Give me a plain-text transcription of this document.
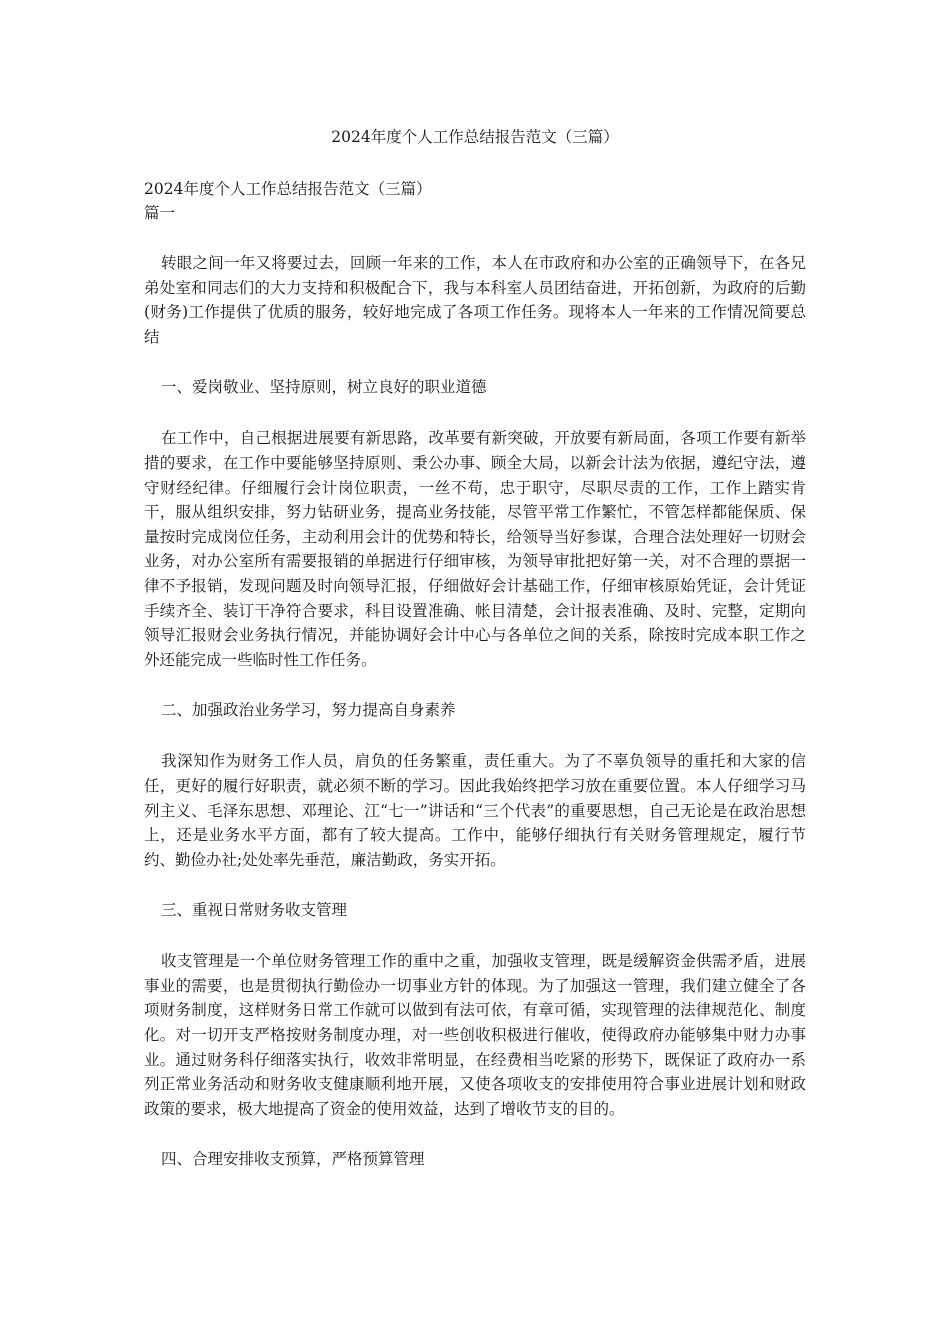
2024年度个人工作总结报告范文（三篇）

2024年度个人工作总结报告范文（三篇）

篇一

转眼之间一年又将要过去，回顾一年来的工作，本人在市政府和办公室的正确领导下，在各兄弟处室和同志们的大力支持和积极配合下，我与本科室人员团结奋进，开拓创新，为政府的后勤(财务)工作提供了优质的服务，较好地完成了各项工作任务。现将本人一年来的工作情况简要总结

一、爱岗敬业、坚持原则，树立良好的职业道德

在工作中，自己根据进展要有新思路，改革要有新突破，开放要有新局面，各项工作要有新举措的要求，在工作中要能够坚持原则、秉公办事、顾全大局，以新会计法为依据，遵纪守法，遵守财经纪律。仔细履行会计岗位职责，一丝不苟，忠于职守，尽职尽责的工作，工作上踏实肯干，服从组织安排，努力钻研业务，提高业务技能，尽管平常工作繁忙，不管怎样都能保质、保量按时完成岗位任务，主动利用会计的优势和特长，给领导当好参谋，合理合法处理好一切财会业务，对办公室所有需要报销的单据进行仔细审核，为领导审批把好第一关，对不合理的票据一律不予报销，发现问题及时向领导汇报，仔细做好会计基础工作，仔细审核原始凭证，会计凭证手续齐全、装订干净符合要求，科目设置准确、帐目清楚，会计报表准确、及时、完整，定期向领导汇报财会业务执行情况，并能协调好会计中心与各单位之间的关系，除按时完成本职工作之外还能完成一些临时性工作任务。

二、加强政治业务学习，努力提高自身素养

我深知作为财务工作人员，肩负的任务繁重，责任重大。为了不辜负领导的重托和大家的信任，更好的履行好职责，就必须不断的学习。因此我始终把学习放在重要位置。本人仔细学习马列主义、毛泽东思想、邓理论、江“七一”讲话和“三个代表”的重要思想，自己无论是在政治思想上，还是业务水平方面，都有了较大提高。工作中，能够仔细执行有关财务管理规定，履行节约、勤俭办社;处处率先垂范，廉洁勤政，务实开拓。

三、重视日常财务收支管理

收支管理是一个单位财务管理工作的重中之重，加强收支管理，既是缓解资金供需矛盾，进展事业的需要，也是贯彻执行勤俭办一切事业方针的体现。为了加强这一管理，我们建立健全了各项财务制度，这样财务日常工作就可以做到有法可依，有章可循，实现管理的法律规范化、制度化。对一切开支严格按财务制度办理，对一些创收积极进行催收，使得政府办能够集中财力办事业。通过财务科仔细落实执行，收效非常明显，在经费相当吃紧的形势下，既保证了政府办一系列正常业务活动和财务收支健康顺利地开展，又使各项收支的安排使用符合事业进展计划和财政政策的要求，极大地提高了资金的使用效益，达到了增收节支的目的。

四、合理安排收支预算，严格预算管理
